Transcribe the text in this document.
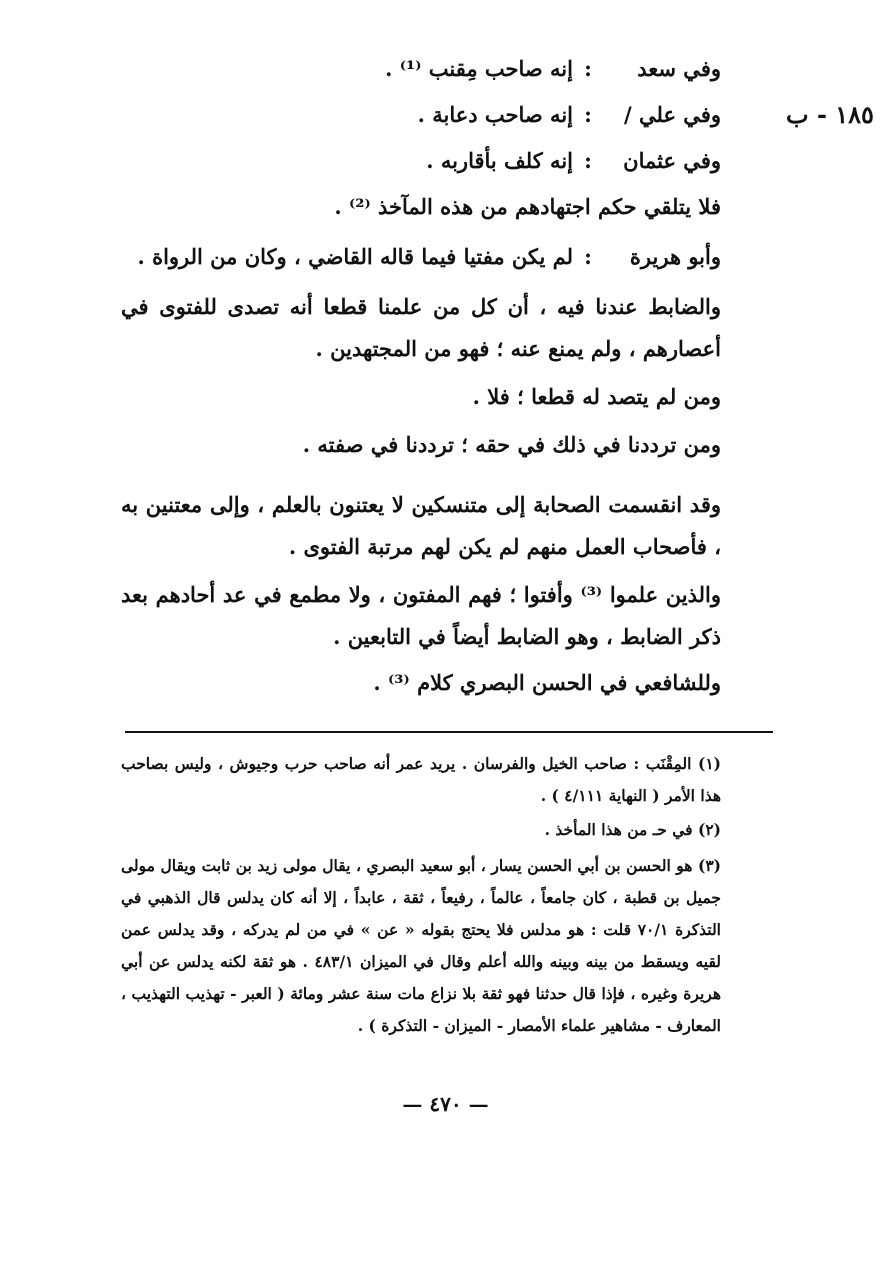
١٨٥ - ب
وفي سعد:إنه صاحب مِقنب ⁽¹⁾ .
وفي علي /:إنه صاحب دعابة .
وفي عثمان:إنه كلف بأقاربه .
فلا يتلقي حكم اجتهادهم من هذه المآخذ ⁽²⁾ .
وأبو هريرة:لم يكن مفتيا فيما قاله القاضي ، وكان من الرواة .
والضابط عندنا فيه ، أن كل من علمنا قطعا أنه تصدى للفتوى في أعصارهم ، ولم يمنع عنه ؛ فهو من المجتهدين .
ومن لم يتصد له قطعا ؛ فلا .
ومن ترددنا في ذلك في حقه ؛ ترددنا في صفته .
وقد انقسمت الصحابة إلى متنسكين لا يعتنون بالعلم ، وإلى معتنين به ، فأصحاب العمل منهم لم يكن لهم مرتبة الفتوى .
والذين علموا ⁽³⁾ وأفتوا ؛ فهم المفتون ، ولا مطمع في عد أحادهم بعد ذكر الضابط ، وهو الضابط أيضاً في التابعين .
وللشافعي في الحسن البصري كلام ⁽³⁾ .
(١) المِقْنَب : صاحب الخيل والفرسان . يريد عمر أنه صاحب حرب وجيوش ، وليس بصاحب هذا الأمر ( النهاية ٤/١١١ ) .
(٢) في حـ من هذا المأخذ .
(٣) هو الحسن بن أبي الحسن يسار ، أبو سعيد البصري ، يقال مولى زيد بن ثابت ويقال مولى جميل بن قطبة ، كان جامعاً ، عالماً ، رفيعاً ، ثقة ، عابداً ، إلا أنه كان يدلس قال الذهبي في التذكرة ٧٠/١ قلت : هو مدلس فلا يحتج بقوله « عن » في من لم يدركه ، وقد يدلس عمن لقيه ويسقط من بينه وبينه والله أعلم وقال في الميزان ٤٨٣/١ . هو ثقة لكنه يدلس عن أبي هريرة وغيره ، فإذا قال حدثنا فهو ثقة بلا نزاع مات سنة عشر ومائة ( العبر - تهذيب التهذيب ، المعارف - مشاهير علماء الأمصار - الميزان - التذكرة ) .
— ٤٧٠ —
